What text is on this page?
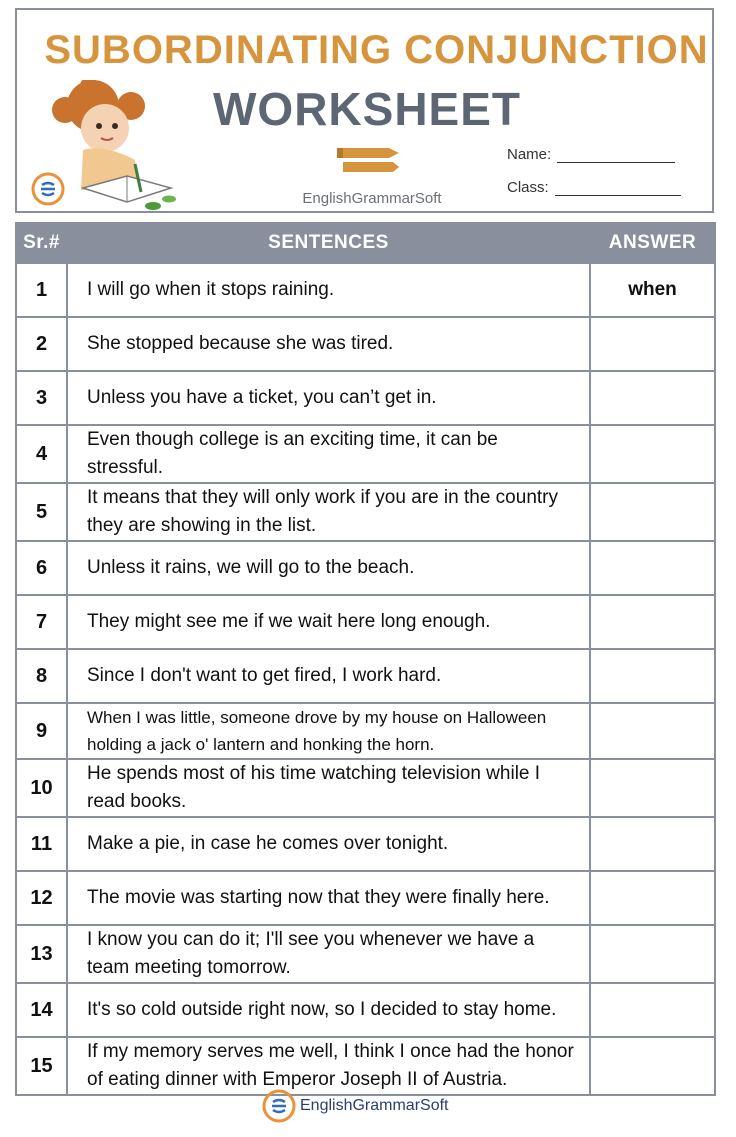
SUBORDINATING CONJUNCTION
WORKSHEET
EnglishGrammarSoft
Name:
Class:
Sr.#	SENTENCES	ANSWER
1	I will go when it stops raining.	when
2	She stopped because she was tired.	
3	Unless you have a ticket, you can’t get in.	
4	Even though college is an exciting time, it can be stressful.	
5	It means that they will only work if you are in the country they are showing in the list.	
6	Unless it rains, we will go to the beach.	
7	They might see me if we wait here long enough.	
8	Since I don't want to get fired, I work hard.	
9	When I was little, someone drove by my house on Halloween holding a jack o' lantern and honking the horn.	
10	He spends most of his time watching television while I read books.	
11	Make a pie, in case he comes over tonight.	
12	The movie was starting now that they were finally here.	
13	I know you can do it; I'll see you whenever we have a team meeting tomorrow.	
14	It's so cold outside right now, so I decided to stay home.	
15	If my memory serves me well, I think I once had the honor of eating dinner with Emperor Joseph II of Austria.	
EnglishGrammarSoft
